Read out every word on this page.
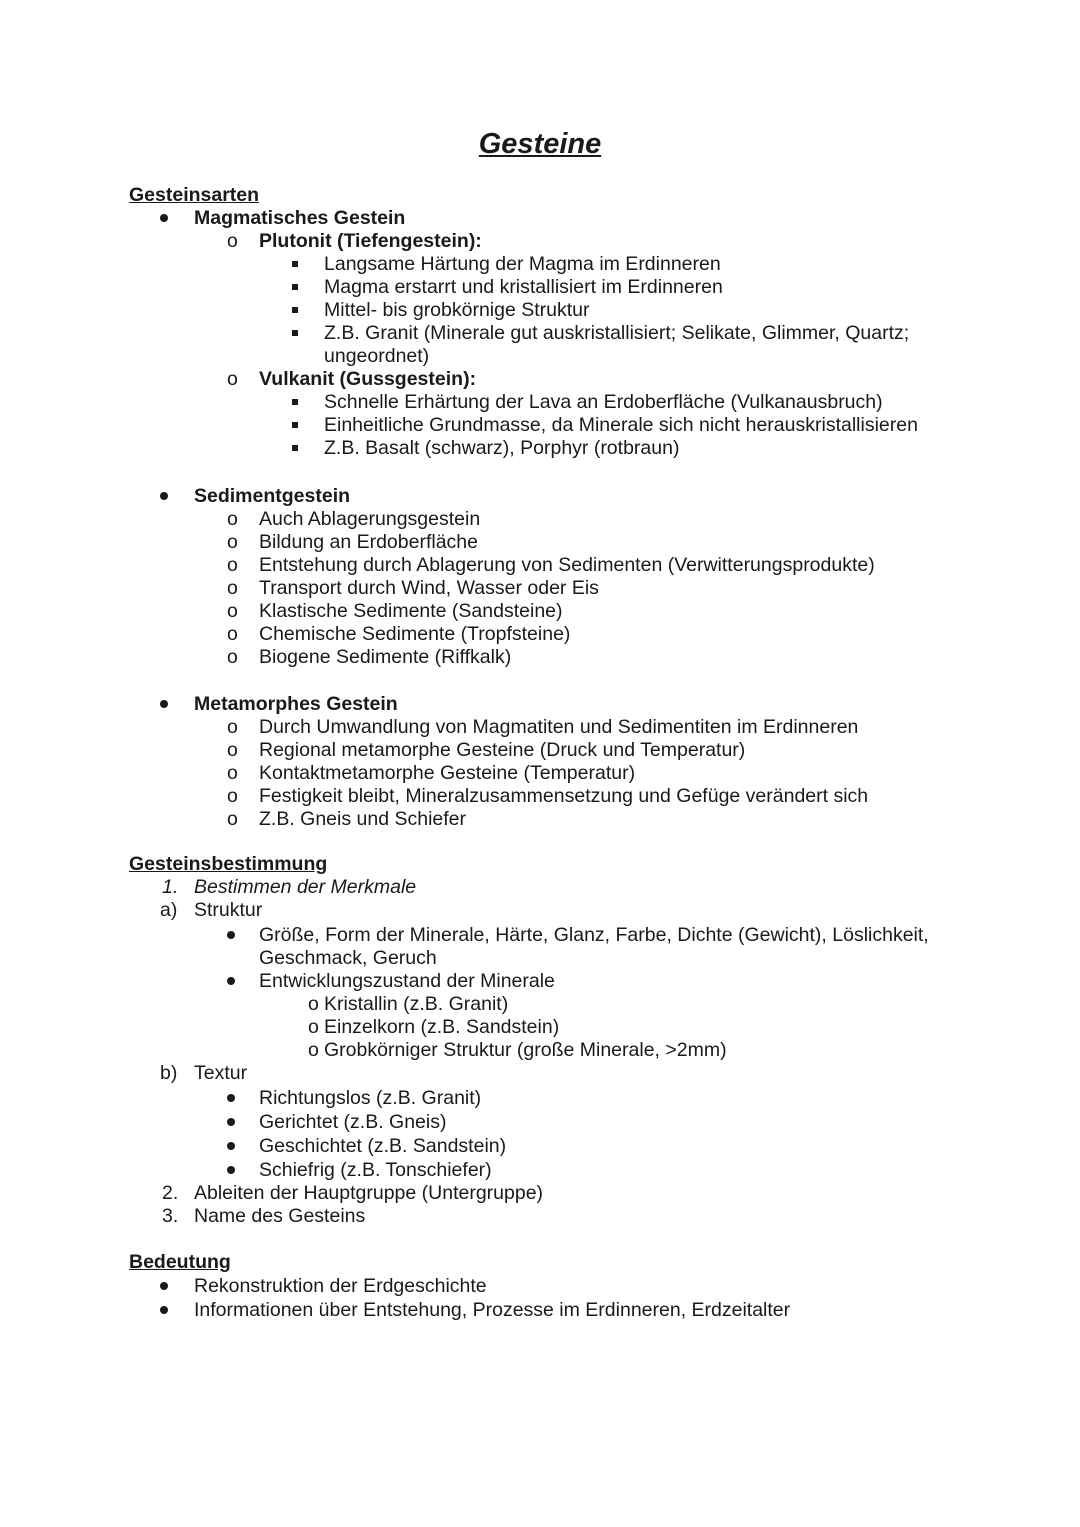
Gesteine
Gesteinsarten
Magmatisches Gestein
o Plutonit (Tiefengestein):
Langsame Härtung der Magma im Erdinneren
Magma erstarrt und kristallisiert im Erdinneren
Mittel- bis grobkörnige Struktur
Z.B. Granit (Minerale gut auskristallisiert; Selikate, Glimmer, Quartz;
ungeordnet)
o Vulkanit (Gussgestein):
Schnelle Erhärtung der Lava an Erdoberfläche (Vulkanausbruch)
Einheitliche Grundmasse, da Minerale sich nicht herauskristallisieren
Z.B. Basalt (schwarz), Porphyr (rotbraun)
Sedimentgestein
o Auch Ablagerungsgestein
o Bildung an Erdoberfläche
o Entstehung durch Ablagerung von Sedimenten (Verwitterungsprodukte)
o Transport durch Wind, Wasser oder Eis
o Klastische Sedimente (Sandsteine)
o Chemische Sedimente (Tropfsteine)
o Biogene Sedimente (Riffkalk)
Metamorphes Gestein
o Durch Umwandlung von Magmatiten und Sedimentiten im Erdinneren
o Regional metamorphe Gesteine (Druck und Temperatur)
o Kontaktmetamorphe Gesteine (Temperatur)
o Festigkeit bleibt, Mineralzusammensetzung und Gefüge verändert sich
o Z.B. Gneis und Schiefer
Gesteinsbestimmung
1. Bestimmen der Merkmale
a) Struktur
Größe, Form der Minerale, Härte, Glanz, Farbe, Dichte (Gewicht), Löslichkeit,
Geschmack, Geruch
Entwicklungszustand der Minerale
o Kristallin (z.B. Granit)
o Einzelkorn (z.B. Sandstein)
o Grobkörniger Struktur (große Minerale, >2mm)
b) Textur
Richtungslos (z.B. Granit)
Gerichtet (z.B. Gneis)
Geschichtet (z.B. Sandstein)
Schiefrig (z.B. Tonschiefer)
2. Ableiten der Hauptgruppe (Untergruppe)
3. Name des Gesteins
Bedeutung
Rekonstruktion der Erdgeschichte
Informationen über Entstehung, Prozesse im Erdinneren, Erdzeitalter
